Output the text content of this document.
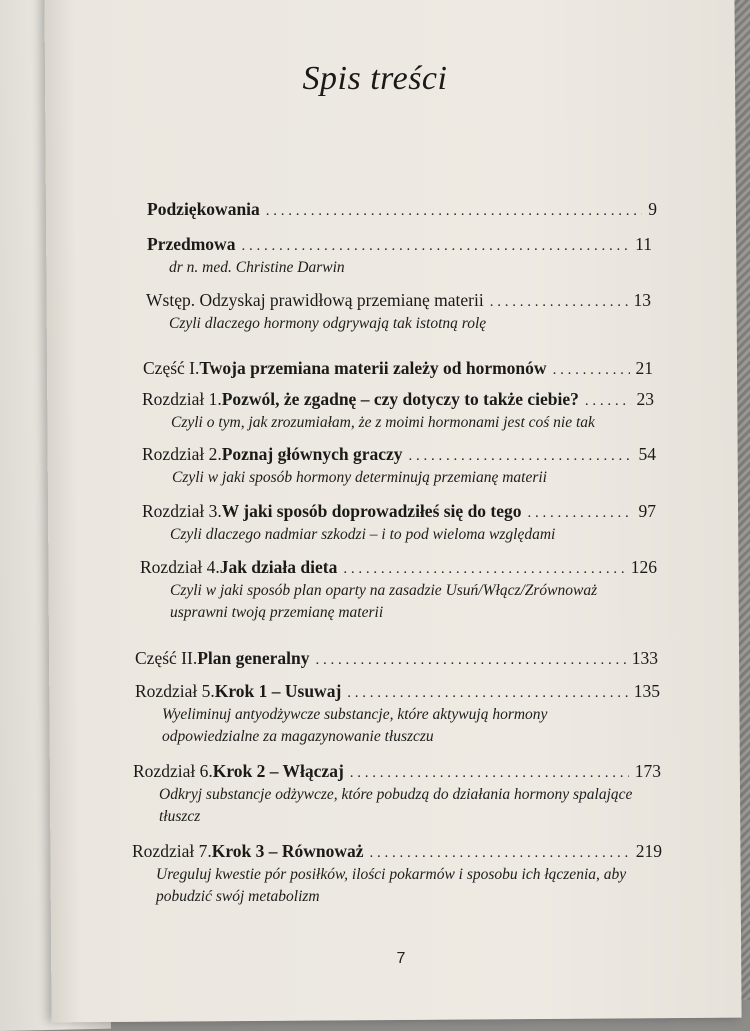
Spis treści
Podziękowania . . .	9
Przedmowa . . .	11
dr n. med. Christine Darwin
Wstęp. Odzyskaj prawidłową przemianę materii . . .	13
Czyli dlaczego hormony odgrywają tak istotną rolę
Część I. Twoja przemiana materii zależy od hormonów . . .	21
Rozdział 1. Pozwól, że zgadnę – czy dotyczy to także ciebie? . . .	23
Czyli o tym, jak zrozumiałam, że z moimi hormonami jest coś nie tak
Rozdział 2. Poznaj głównych graczy . . .	54
Czyli w jaki sposób hormony determinują przemianę materii
Rozdział 3. W jaki sposób doprowadziłeś się do tego . . .	97
Czyli dlaczego nadmiar szkodzi – i to pod wieloma względami
Rozdział 4. Jak działa dieta . . .	126
Czyli w jaki sposób plan oparty na zasadzie Usuń/Włącz/Zrównoważ
usprawni twoją przemianę materii
Część II. Plan generalny . . .	133
Rozdział 5. Krok 1 – Usuwaj . . .	135
Wyeliminuj antyodżywcze substancje, które aktywują hormony
odpowiedzialne za magazynowanie tłuszczu
Rozdział 6. Krok 2 – Włączaj . . .	173
Odkryj substancje odżywcze, które pobudzą do działania hormony spalające
tłuszcz
Rozdział 7. Krok 3 – Równoważ . . .	219
Ureguluj kwestie pór posiłków, ilości pokarmów i sposobu ich łączenia, aby
pobudzić swój metabolizm
7
